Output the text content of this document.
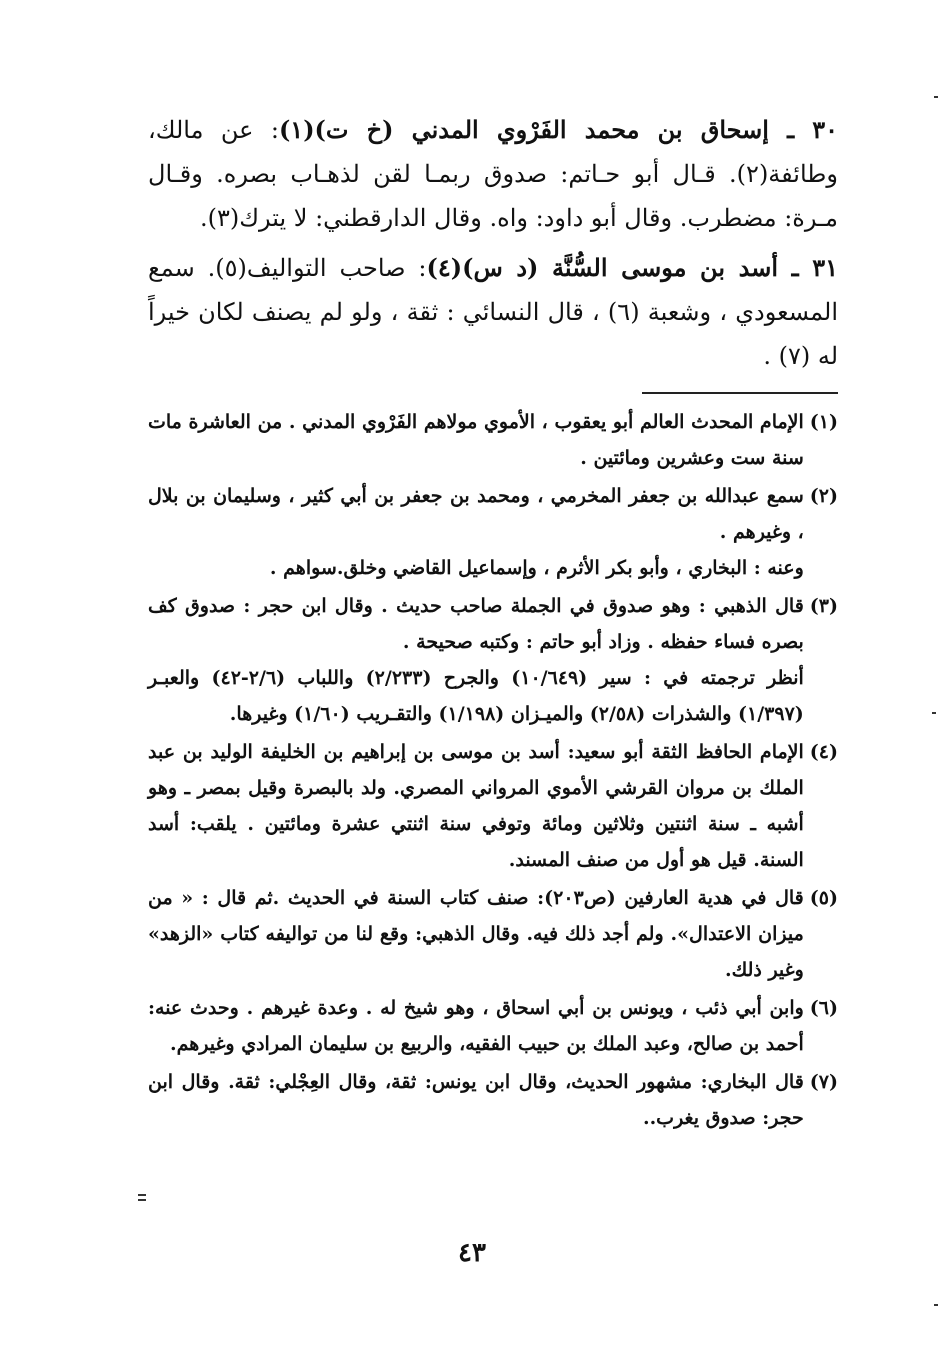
٣٠ ـ إسحاق بن محمد الفَرْوي المدني (خ ت)(١): عن مالك، وطائفة(٢). قـال أبو حـاتم: صدوق ربمـا لقن لذهـاب بصره. وقـال مـرة: مضطرب. وقال أبو داود: واه. وقال الدارقطني: لا يترك(٣).

٣١ ـ أسد بن موسى السُّنَّة (د س)(٤): صاحب التواليف(٥). سمع المسعودي ، وشعبة (٦) ، قال النسائي : ثقة ، ولو لم يصنف لكان خيراً له (٧) .

(١)

الإمام المحدث العالم أبو يعقوب ، الأموي مولاهم الفَرْوي المدني . من العاشرة مات سنة ست وعشرين ومائتين .

(٢)

سمع عبدالله بن جعفر المخرمي ، ومحمد بن جعفر بن أبي كثير ، وسليمان بن بلال ، وغيرهم .

وعنه : البخاري ، وأبو بكر الأثرم ، وإسماعيل القاضي وخلق.سواهم .

(٣)

قال الذهبي : وهو صدوق في الجملة صاحب حديث . وقال ابن حجر : صدوق كف بصره فساء حفظه . وزاد أبو حاتم : وكتبه صحيحة .

أنظر ترجمته في : سير (١٠/٦٤٩) والجرح (٢/٢٣٣) واللباب (٢/٦-٤٢) والعبـر (١/٣٩٧) والشذرات (٢/٥٨) والميـزان (١/١٩٨) والتقـريب (١/٦٠) وغيرها.

(٤)

الإمام الحافظ الثقة أبو سعيد: أسد بن موسى بن إبراهيم بن الخليفة الوليد بن عبد الملك بن مروان القرشي الأموي المرواني المصري. ولد بالبصرة وقيل بمصر ـ وهو أشبه ـ سنة اثنتين وثلاثين ومائة وتوفي سنة اثنتي عشرة ومائتين . يلقب: أسد السنة. قيل هو أول من صنف المسند.

(٥)

قال في هدية العارفين (ص٢٠٣): صنف كتاب السنة في الحديث .ثم قال : « من ميزان الاعتدال». ولم أجد ذلك فيه. وقال الذهبي: وقع لنا من تواليفه كتاب «الزهد» وغير ذلك.

(٦)

وابن أبي ذئب ، ويونس بن أبي اسحاق ، وهو شيخ له . وعدة غيرهم . وحدث عنه: أحمد بن صالح، وعبد الملك بن حبيب الفقيه، والربيع بن سليمان المرادي وغيرهم.

(٧)

قال البخاري: مشهور الحديث، وقال ابن يونس: ثقة، وقال العِجْلي: ثقة. وقال ابن حجر: صدوق يغرب..

٤٣
